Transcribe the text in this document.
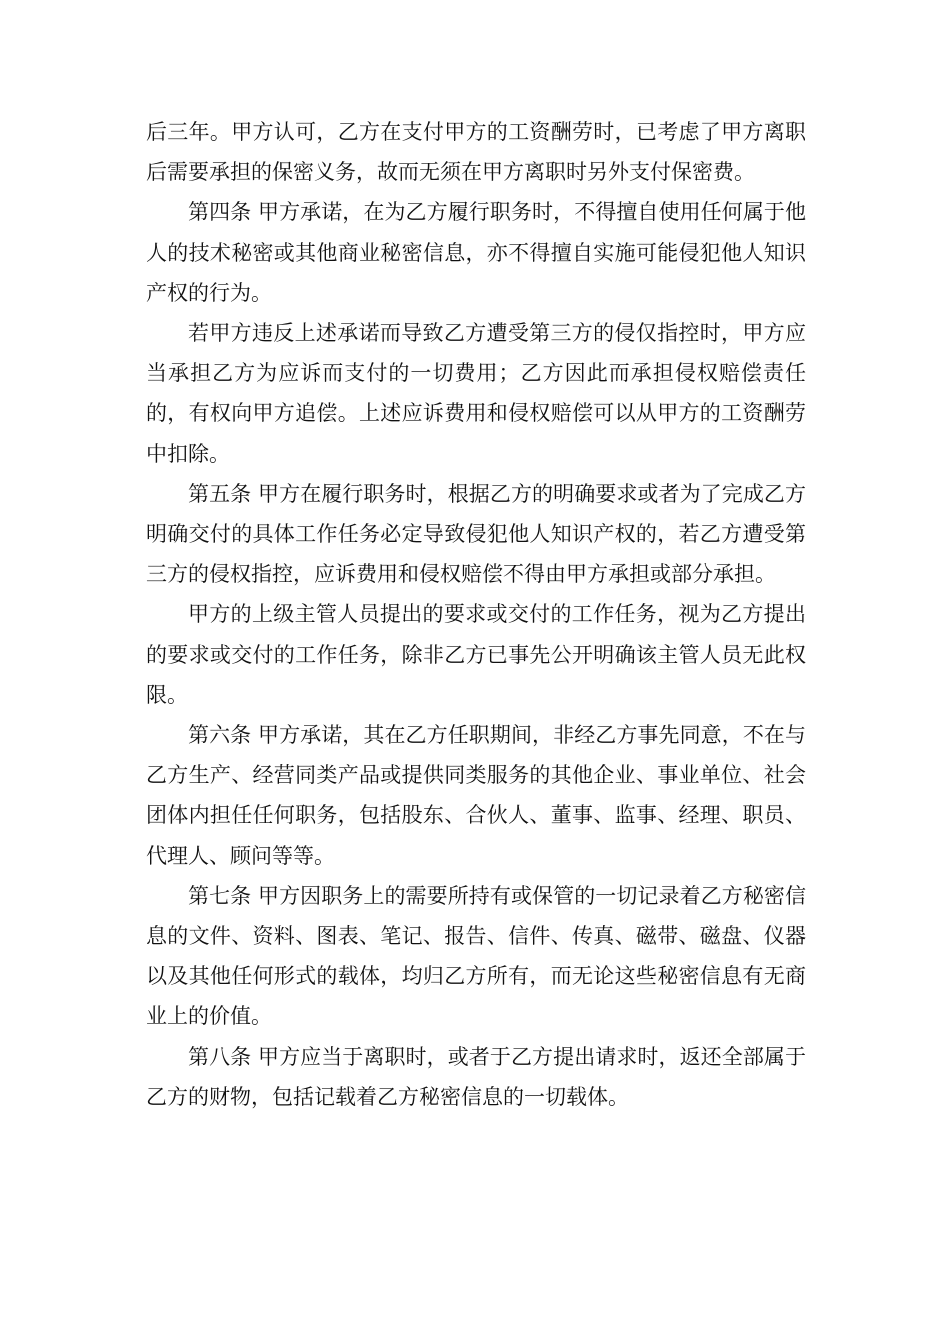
后三年。甲方认可，乙方在支付甲方的工资酬劳时，已考虑了甲方离职后需要承担的保密义务，故而无须在甲方离职时另外支付保密费。

第四条 甲方承诺，在为乙方履行职务时，不得擅自使用任何属于他人的技术秘密或其他商业秘密信息，亦不得擅自实施可能侵犯他人知识产权的行为。

若甲方违反上述承诺而导致乙方遭受第三方的侵仅指控时，甲方应当承担乙方为应诉而支付的一切费用；乙方因此而承担侵权赔偿责任的，有权向甲方追偿。上述应诉费用和侵权赔偿可以从甲方的工资酬劳中扣除。

第五条 甲方在履行职务时，根据乙方的明确要求或者为了完成乙方明确交付的具体工作任务必定导致侵犯他人知识产权的，若乙方遭受第三方的侵权指控，应诉费用和侵权赔偿不得由甲方承担或部分承担。

甲方的上级主管人员提出的要求或交付的工作任务，视为乙方提出的要求或交付的工作任务，除非乙方已事先公开明确该主管人员无此权限。

第六条 甲方承诺，其在乙方任职期间，非经乙方事先同意，不在与乙方生产、经营同类产品或提供同类服务的其他企业、事业单位、社会团体内担任任何职务，包括股东、合伙人、董事、监事、经理、职员、代理人、顾问等等。

第七条 甲方因职务上的需要所持有或保管的一切记录着乙方秘密信息的文件、资料、图表、笔记、报告、信件、传真、磁带、磁盘、仪器以及其他任何形式的载体，均归乙方所有，而无论这些秘密信息有无商业上的价值。

第八条 甲方应当于离职时，或者于乙方提出请求时，返还全部属于乙方的财物，包括记载着乙方秘密信息的一切载体。
